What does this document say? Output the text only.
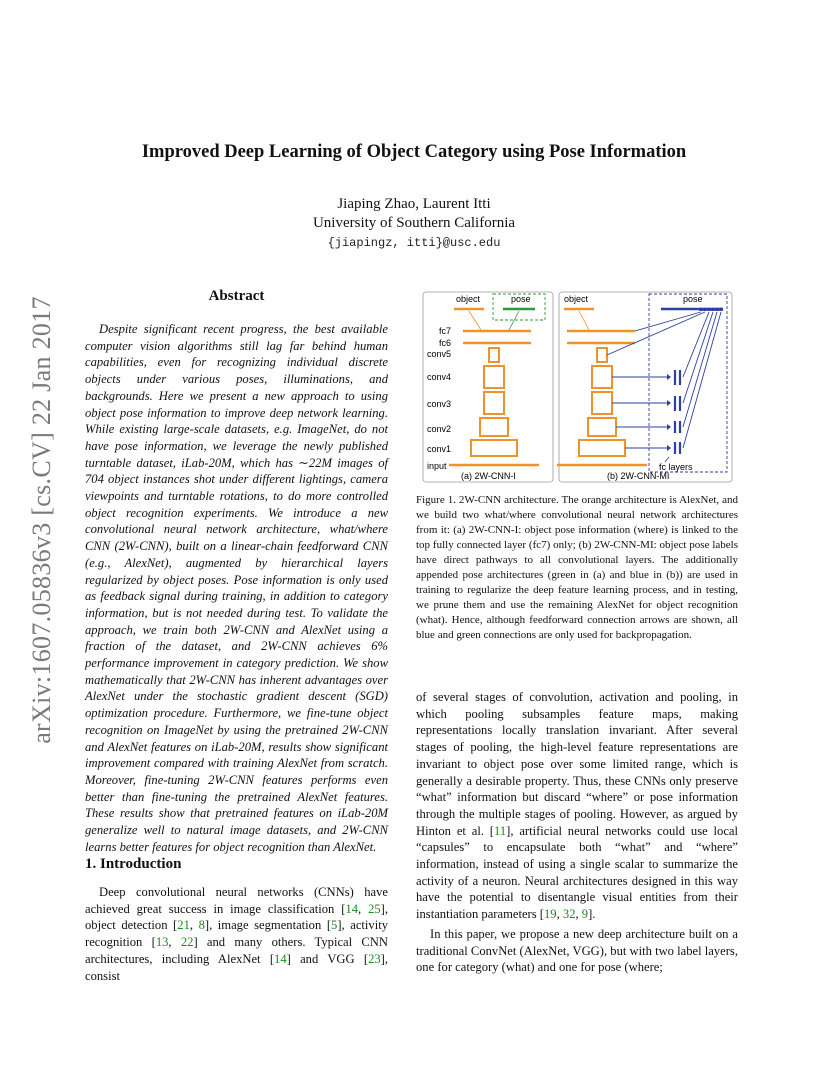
arXiv:1607.05836v3 [cs.CV] 22 Jan 2017
Improved Deep Learning of Object Category using Pose Information
Jiaping Zhao, Laurent Itti
University of Southern California
{jiapingz, itti}@usc.edu
Abstract
Despite significant recent progress, the best available computer vision algorithms still lag far behind human capabilities, even for recognizing individual discrete objects under various poses, illuminations, and backgrounds. Here we present a new approach to using object pose information to improve deep network learning. While existing large-scale datasets, e.g. ImageNet, do not have pose information, we leverage the newly published turntable dataset, iLab-20M, which has ∼22M images of 704 object instances shot under different lightings, camera viewpoints and turntable rotations, to do more controlled object recognition experiments. We introduce a new convolutional neural network architecture, what/where CNN (2W-CNN), built on a linear-chain feedforward CNN (e.g., AlexNet), augmented by hierarchical layers regularized by object poses. Pose information is only used as feedback signal during training, in addition to category information, but is not needed during test. To validate the approach, we train both 2W-CNN and AlexNet using a fraction of the dataset, and 2W-CNN achieves 6% performance improvement in category prediction. We show mathematically that 2W-CNN has inherent advantages over AlexNet under the stochastic gradient descent (SGD) optimization procedure. Furthermore, we fine-tune object recognition on ImageNet by using the pretrained 2W-CNN and AlexNet features on iLab-20M, results show significant improvement compared with training AlexNet from scratch. Moreover, fine-tuning 2W-CNN features performs even better than fine-tuning the pretrained AlexNet features. These results show that pretrained features on iLab-20M generalize well to natural image datasets, and 2W-CNN learns better features for object recognition than AlexNet.
1. Introduction
Deep convolutional neural networks (CNNs) have achieved great success in image classification [14, 25], object detection [21, 8], image segmentation [5], activity recognition [13, 22] and many others. Typical CNN architectures, including AlexNet [14] and VGG [23], consist
fc7
fc6
conv5
conv4
conv3
conv2
conv1
input
object	pose
(a) 2W-CNN-I
object	pose
(b) 2W-CNN-MI
fc layers
Figure 1. 2W-CNN architecture. The orange architecture is AlexNet, and we build two what/where convolutional neural network architectures from it: (a) 2W-CNN-I: object pose information (where) is linked to the top fully connected layer (fc7) only; (b) 2W-CNN-MI: object pose labels have direct pathways to all convolutional layers. The additionally appended pose architectures (green in (a) and blue in (b)) are used in training to regularize the deep feature learning process, and in testing, we prune them and use the remaining AlexNet for object recognition (what). Hence, although feedforward connection arrows are shown, all blue and green connections are only used for backpropagation.

of several stages of convolution, activation and pooling, in which pooling subsamples feature maps, making representations locally translation invariant. After several stages of pooling, the high-level feature representations are invariant to object pose over some limited range, which is generally a desirable property. Thus, these CNNs only preserve “what” information but discard “where” or pose information through the multiple stages of pooling. However, as argued by Hinton et al. [11], artificial neural networks could use local “capsules” to encapsulate both “what” and “where” information, instead of using a single scalar to summarize the activity of a neuron. Neural architectures designed in this way have the potential to disentangle visual entities from their instantiation parameters [19, 32, 9].

In this paper, we propose a new deep architecture built on a traditional ConvNet (AlexNet, VGG), but with two label layers, one for category (what) and one for pose (where;
